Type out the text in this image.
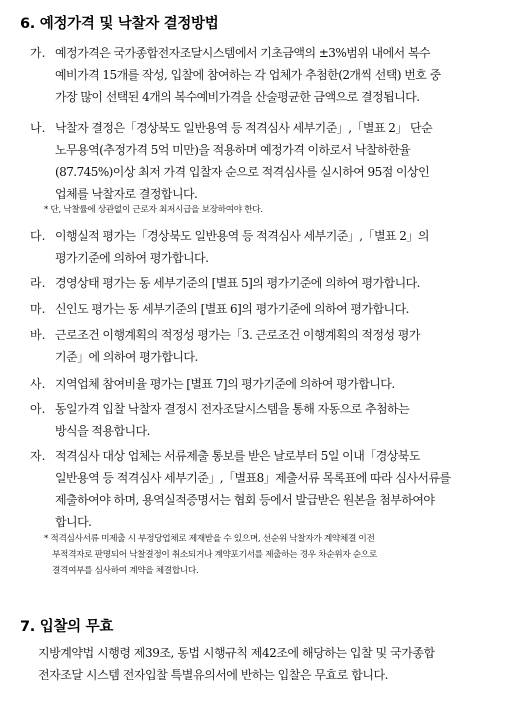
6. 예정가격 및 낙찰자 결정방법
가. 예정가격은 국가종합전자조달시스템에서 기초금액의 ±3%범위 내에서 복수
예비가격 15개를 작성, 입찰에 참여하는 각 업체가 추첨한(2개씩 선택) 번호 중
가장 많이 선택된 4개의 복수예비가격을 산술평균한 금액으로 결정됩니다.
나. 낙찰자 결정은「경상북도 일반용역 등 적격심사 세부기준」,「별표 2」 단순
노무용역(추정가격 5억 미만)을 적용하며 예정가격 이하로서 낙찰하한율
(87.745%)이상 최저 가격 입찰자 순으로 적격심사를 실시하여 95점 이상인
업체를 낙찰자로 결정합니다.
* 단, 낙찰률에 상관없이 근로자 최저시급을 보장하여야 한다.
다. 이행실적 평가는「경상북도 일반용역 등 적격심사 세부기준」,「별표 2」의
평가기준에 의하여 평가합니다.
라. 경영상태 평가는 동 세부기준의 [별표 5]의 평가기준에 의하여 평가합니다.
마. 신인도 평가는 동 세부기준의 [별표 6]의 평가기준에 의하여 평가합니다.
바. 근로조건 이행계획의 적정성 평가는「3. 근로조건 이행계획의 적정성 평가
기준」에 의하여 평가합니다.
사. 지역업체 참여비율 평가는 [별표 7]의 평가기준에 의하여 평가합니다.
아. 동일가격 입찰 낙찰자 결정시 전자조달시스템을 통해 자동으로 추첨하는
방식을 적용합니다.
자. 적격심사 대상 업체는 서류제출 통보를 받은 날로부터 5일 이내「경상북도
일반용역 등 적격심사 세부기준」,「별표8」제출서류 목록표에 따라 심사서류를
제출하여야 하며, 용역실적증명서는 협회 등에서 발급받은 원본을 첨부하여야
합니다.
* 적격심사서류 미제출 시 부정당업체로 제재받을 수 있으며, 선순위 낙찰자가 계약체결 이전
부적격자로 판명되어 낙찰결정이 취소되거나 계약포기서를 제출하는 경우 차순위자 순으로
결격여부를 심사하여 계약을 체결합니다.
7. 입찰의 무효
지방계약법 시행령 제39조, 동법 시행규칙 제42조에 해당하는 입찰 및 국가종합
전자조달 시스템 전자입찰 특별유의서에 반하는 입찰은 무효로 합니다.
